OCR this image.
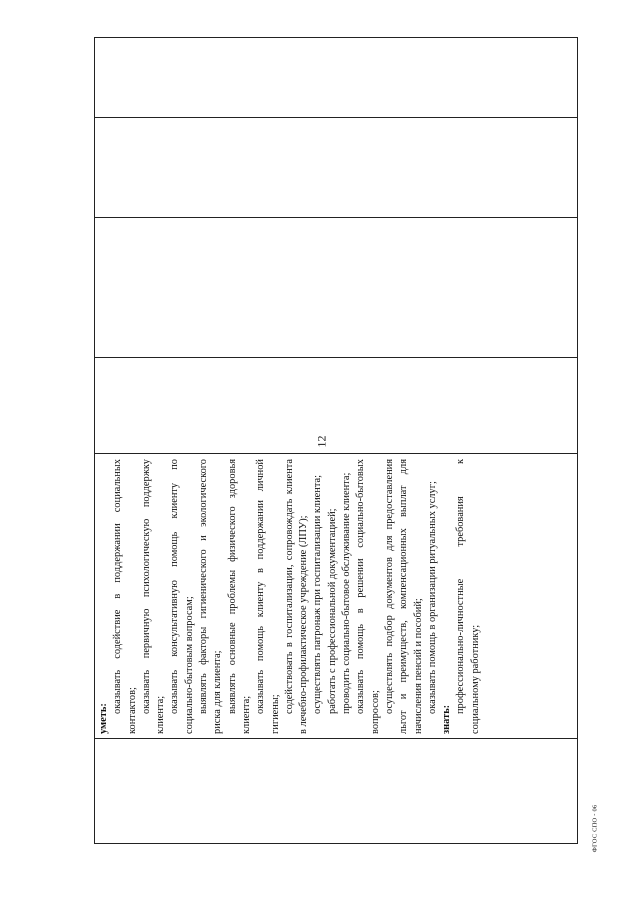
12

уметь:

оказывать содействие в поддержании социальных контактов; оказывать первичную психологическую поддержку клиента;

оказывать консультативную помощь клиенту по социально-бытовым вопросам; выявлять факторы гигиенического и экологического риска для клиента; выявлять основные проблемы физического здоровья клиента;

оказывать помощь клиенту в поддержании личной гигиены;

содействовать в госпитализации, сопровождать клиента в лечебно-профилактическое учреждение (ЛПУ); осуществлять патронаж при госпитализации клиента; работать с профессиональной документацией; проводить социально-бытовое обслуживание клиента; оказывать помощь в решении социально-бытовых вопросов; осуществлять подбор документов для предоставления льгот и преимуществ, компенсационных выплат для начисления пенсий и пособий; оказывать помощь в организации ритуальных услуг;

знать:

профессионально-личностные требования к социальному работнику;

ФГОС СПО - 06
